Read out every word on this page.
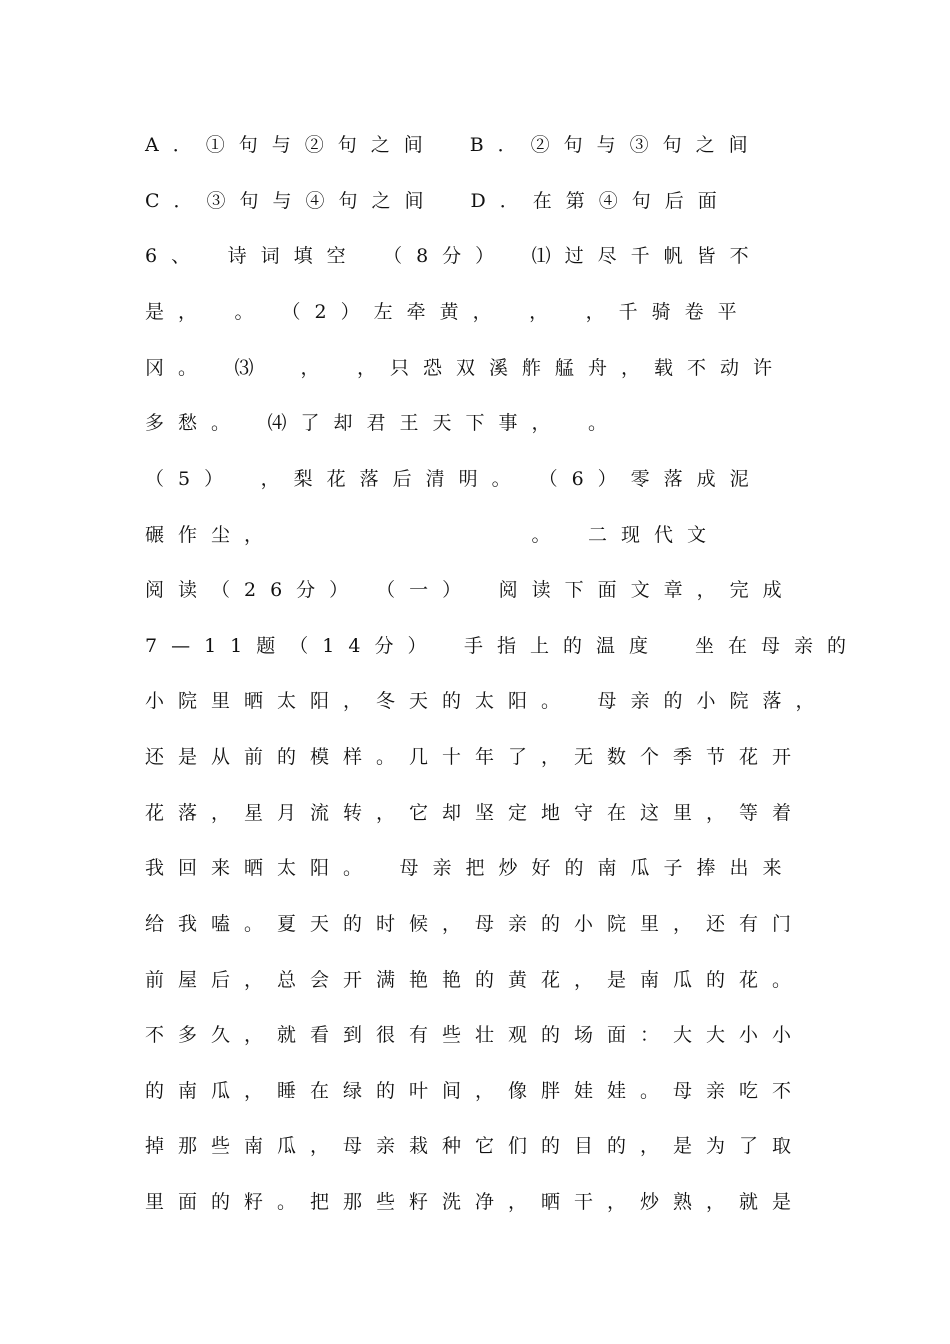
A．①句与②句之间　B．②句与③句之间
C．③句与④句之间　D．在第④句后面
6、　诗词填空　（8分）　⑴过尽千帆皆不
是，　。　（2）左牵黄，　，　，千骑卷平
冈。　⑶　，　，只恐双溪舴艋舟，载不动许
多愁。　⑷了却君王天下事，　。
（5）　，梨花落后清明。　（6）零落成泥
碾作尘，　　　　　　　　。　二现代文
阅读（26分）　（一）　阅读下面文章，完成
7—11题（14分）　手指上的温度　坐在母亲的
小院里晒太阳，冬天的太阳。　母亲的小院落，
还是从前的模样。几十年了，无数个季节花开
花落，星月流转，它却坚定地守在这里，等着
我回来晒太阳。　母亲把炒好的南瓜子捧出来
给我嗑。夏天的时候，母亲的小院里，还有门
前屋后，总会开满艳艳的黄花，是南瓜的花。
不多久，就看到很有些壮观的场面：大大小小
的南瓜，睡在绿的叶间，像胖娃娃。母亲吃不
掉那些南瓜，母亲栽种它们的目的，是为了取
里面的籽。把那些籽洗净，晒干，炒熟，就是
